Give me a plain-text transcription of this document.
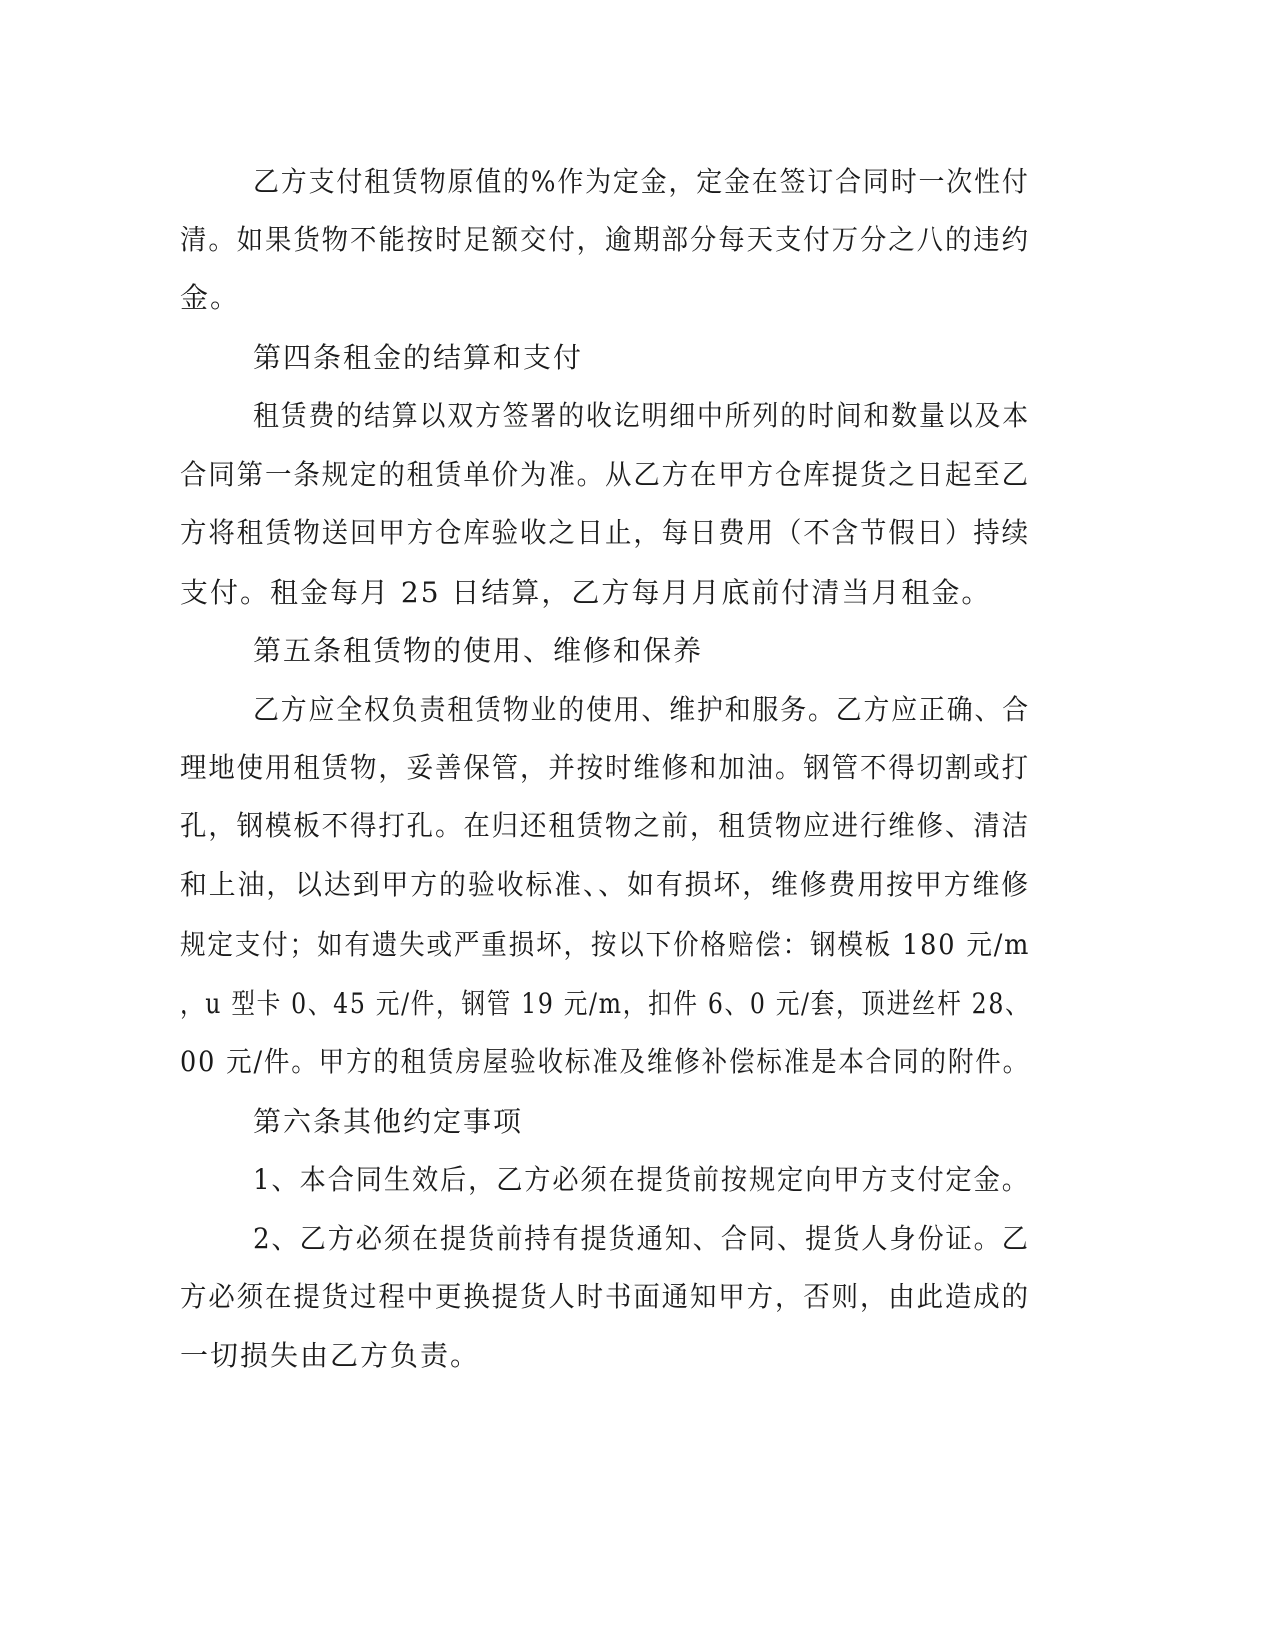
乙方支付租赁物原值的%作为定金，定金在签订合同时一次性付
清。如果货物不能按时足额交付，逾期部分每天支付万分之八的违约
金。
第四条租金的结算和支付
租赁费的结算以双方签署的收讫明细中所列的时间和数量以及本
合同第一条规定的租赁单价为准。从乙方在甲方仓库提货之日起至乙
方将租赁物送回甲方仓库验收之日止，每日费用（不含节假日）持续
支付。租金每月 25 日结算，乙方每月月底前付清当月租金。
第五条租赁物的使用、维修和保养
乙方应全权负责租赁物业的使用、维护和服务。乙方应正确、合
理地使用租赁物，妥善保管，并按时维修和加油。钢管不得切割或打
孔，钢模板不得打孔。在归还租赁物之前，租赁物应进行维修、清洁
和上油，以达到甲方的验收标准、、如有损坏，维修费用按甲方维修
规定支付；如有遗失或严重损坏，按以下价格赔偿：钢模板 180 元/m
，u 型卡 0、45 元/件，钢管 19 元/m，扣件 6、0 元/套，顶进丝杆 28、
00 元/件。甲方的租赁房屋验收标准及维修补偿标准是本合同的附件。
第六条其他约定事项
1、本合同生效后，乙方必须在提货前按规定向甲方支付定金。
2、乙方必须在提货前持有提货通知、合同、提货人身份证。乙
方必须在提货过程中更换提货人时书面通知甲方，否则，由此造成的
一切损失由乙方负责。
